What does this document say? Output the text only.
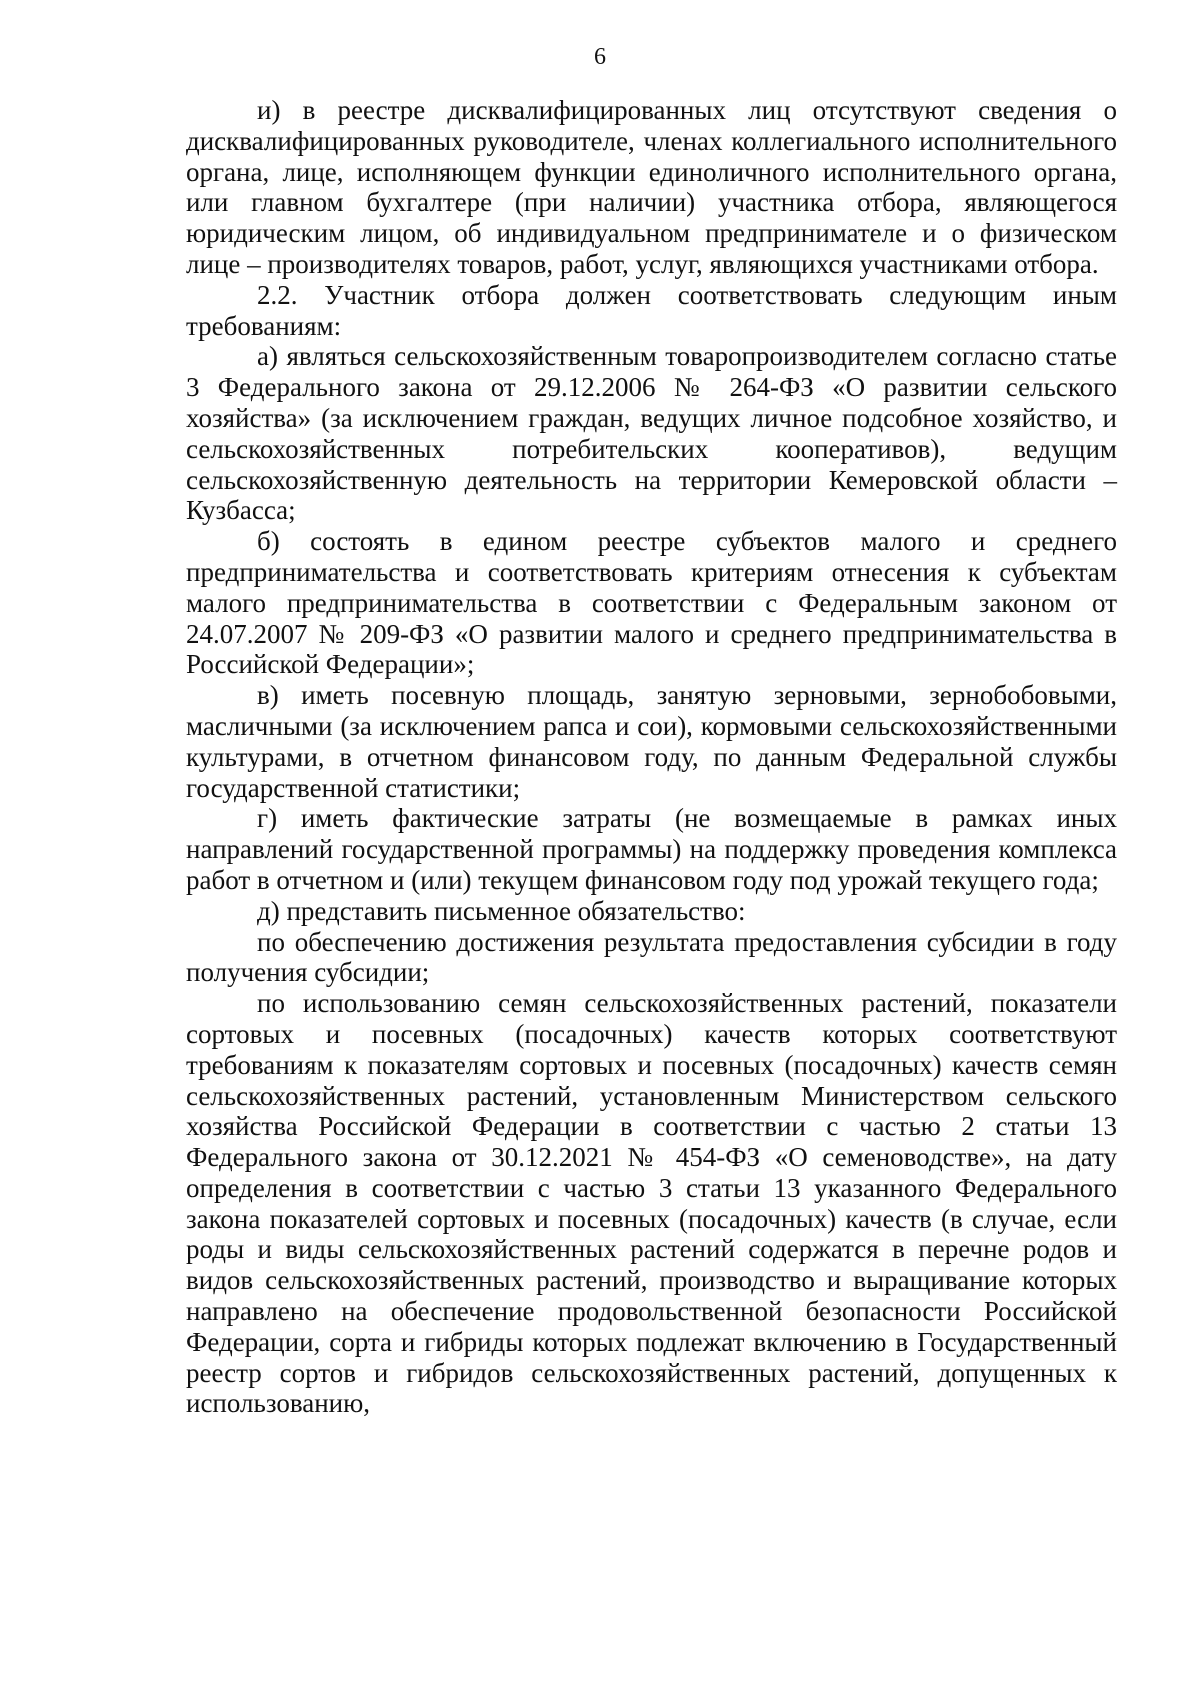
6

и) в реестре дисквалифицированных лиц отсутствуют сведения о дисквалифицированных руководителе, членах коллегиального исполнительного органа, лице, исполняющем функции единоличного исполнительного органа, или главном бухгалтере (при наличии) участника отбора, являющегося юридическим лицом, об индивидуальном предпринимателе и о физическом лице – производителях товаров, работ, услуг, являющихся участниками отбора.

2.2. Участник отбора должен соответствовать следующим иным требованиям:

а) являться сельскохозяйственным товаропроизводителем согласно статье 3 Федерального закона от 29.12.2006 № 264-ФЗ «О развитии сельского хозяйства» (за исключением граждан, ведущих личное подсобное хозяйство, и сельскохозяйственных потребительских кооперативов), ведущим сельскохозяйственную деятельность на территории Кемеровской области – Кузбасса;

б) состоять в едином реестре субъектов малого и среднего предпринимательства и соответствовать критериям отнесения к субъектам малого предпринимательства в соответствии с Федеральным законом от 24.07.2007 № 209-ФЗ «О развитии малого и среднего предпринимательства в Российской Федерации»;

в) иметь посевную площадь, занятую зерновыми, зернобобовыми, масличными (за исключением рапса и сои), кормовыми сельскохозяйственными культурами, в отчетном финансовом году, по данным Федеральной службы государственной статистики;

г) иметь фактические затраты (не возмещаемые в рамках иных направлений государственной программы) на поддержку проведения комплекса работ в отчетном и (или) текущем финансовом году под урожай текущего года;

д) представить письменное обязательство:

по обеспечению достижения результата предоставления субсидии в году получения субсидии;

по использованию семян сельскохозяйственных растений, показатели сортовых и посевных (посадочных) качеств которых соответствуют требованиям к показателям сортовых и посевных (посадочных) качеств семян сельскохозяйственных растений, установленным Министерством сельского хозяйства Российской Федерации в соответствии с частью 2 статьи 13 Федерального закона от 30.12.2021 № 454-ФЗ «О семеноводстве», на дату определения в соответствии с частью 3 статьи 13 указанного Федерального закона показателей сортовых и посевных (посадочных) качеств (в случае, если роды и виды сельскохозяйственных растений содержатся в перечне родов и видов сельскохозяйственных растений, производство и выращивание которых направлено на обеспечение продовольственной безопасности Российской Федерации, сорта и гибриды которых подлежат включению в Государственный реестр сортов и гибридов сельскохозяйственных растений, допущенных к использованию,
